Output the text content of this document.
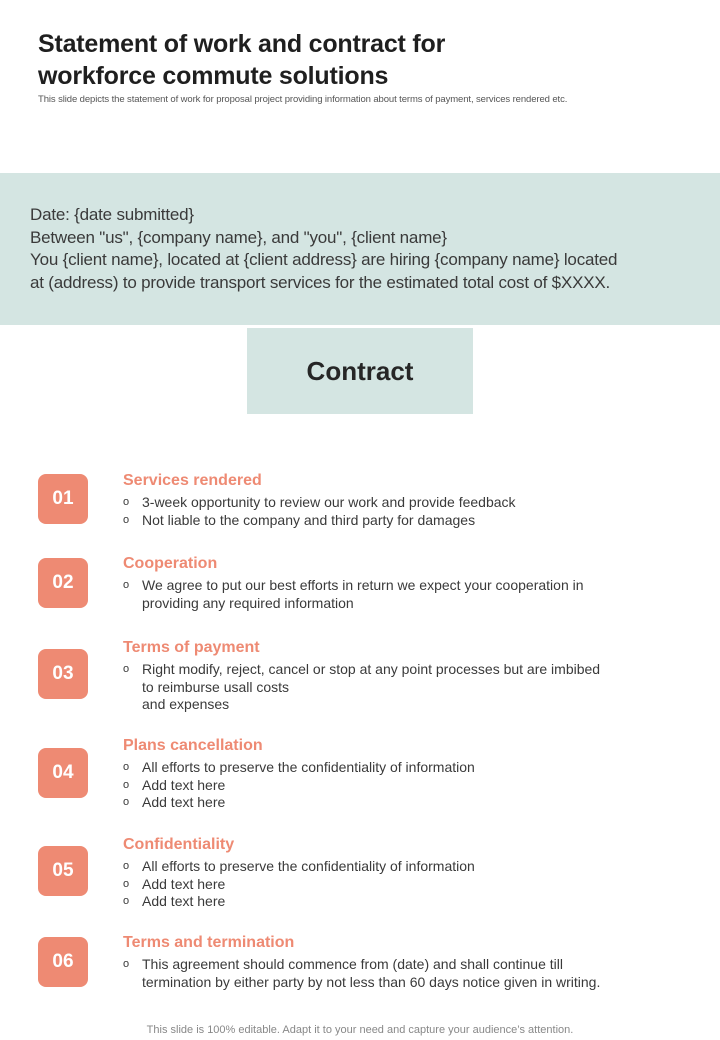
Statement of work and contract for
workforce commute solutions
This slide depicts the statement of work for proposal project providing information about terms of payment, services rendered etc.
Date: {date submitted}
Between "us", {company name}, and "you", {client name}
You {client name}, located at {client address} are hiring {company name} located
at (address) to provide transport services for the estimated total cost of $XXXX.
Contract
01
Services rendered
o 3-week opportunity to review our work and provide feedback
o Not liable to the company and third party for damages
02
Cooperation
o We agree to put our best efforts in return we expect your cooperation in
providing any required information
03
Terms of payment
o Right modify, reject, cancel or stop at any point processes but are imbibed
to reimburse usall costs
and expenses
04
Plans cancellation
o All efforts to preserve the confidentiality of information
o Add text here
o Add text here
05
Confidentiality
o All efforts to preserve the confidentiality of information
o Add text here
o Add text here
06
Terms and termination
o This agreement should commence from (date) and shall continue till
termination by either party by not less than 60 days notice given in writing.
This slide is 100% editable. Adapt it to your need and capture your audience’s attention.
